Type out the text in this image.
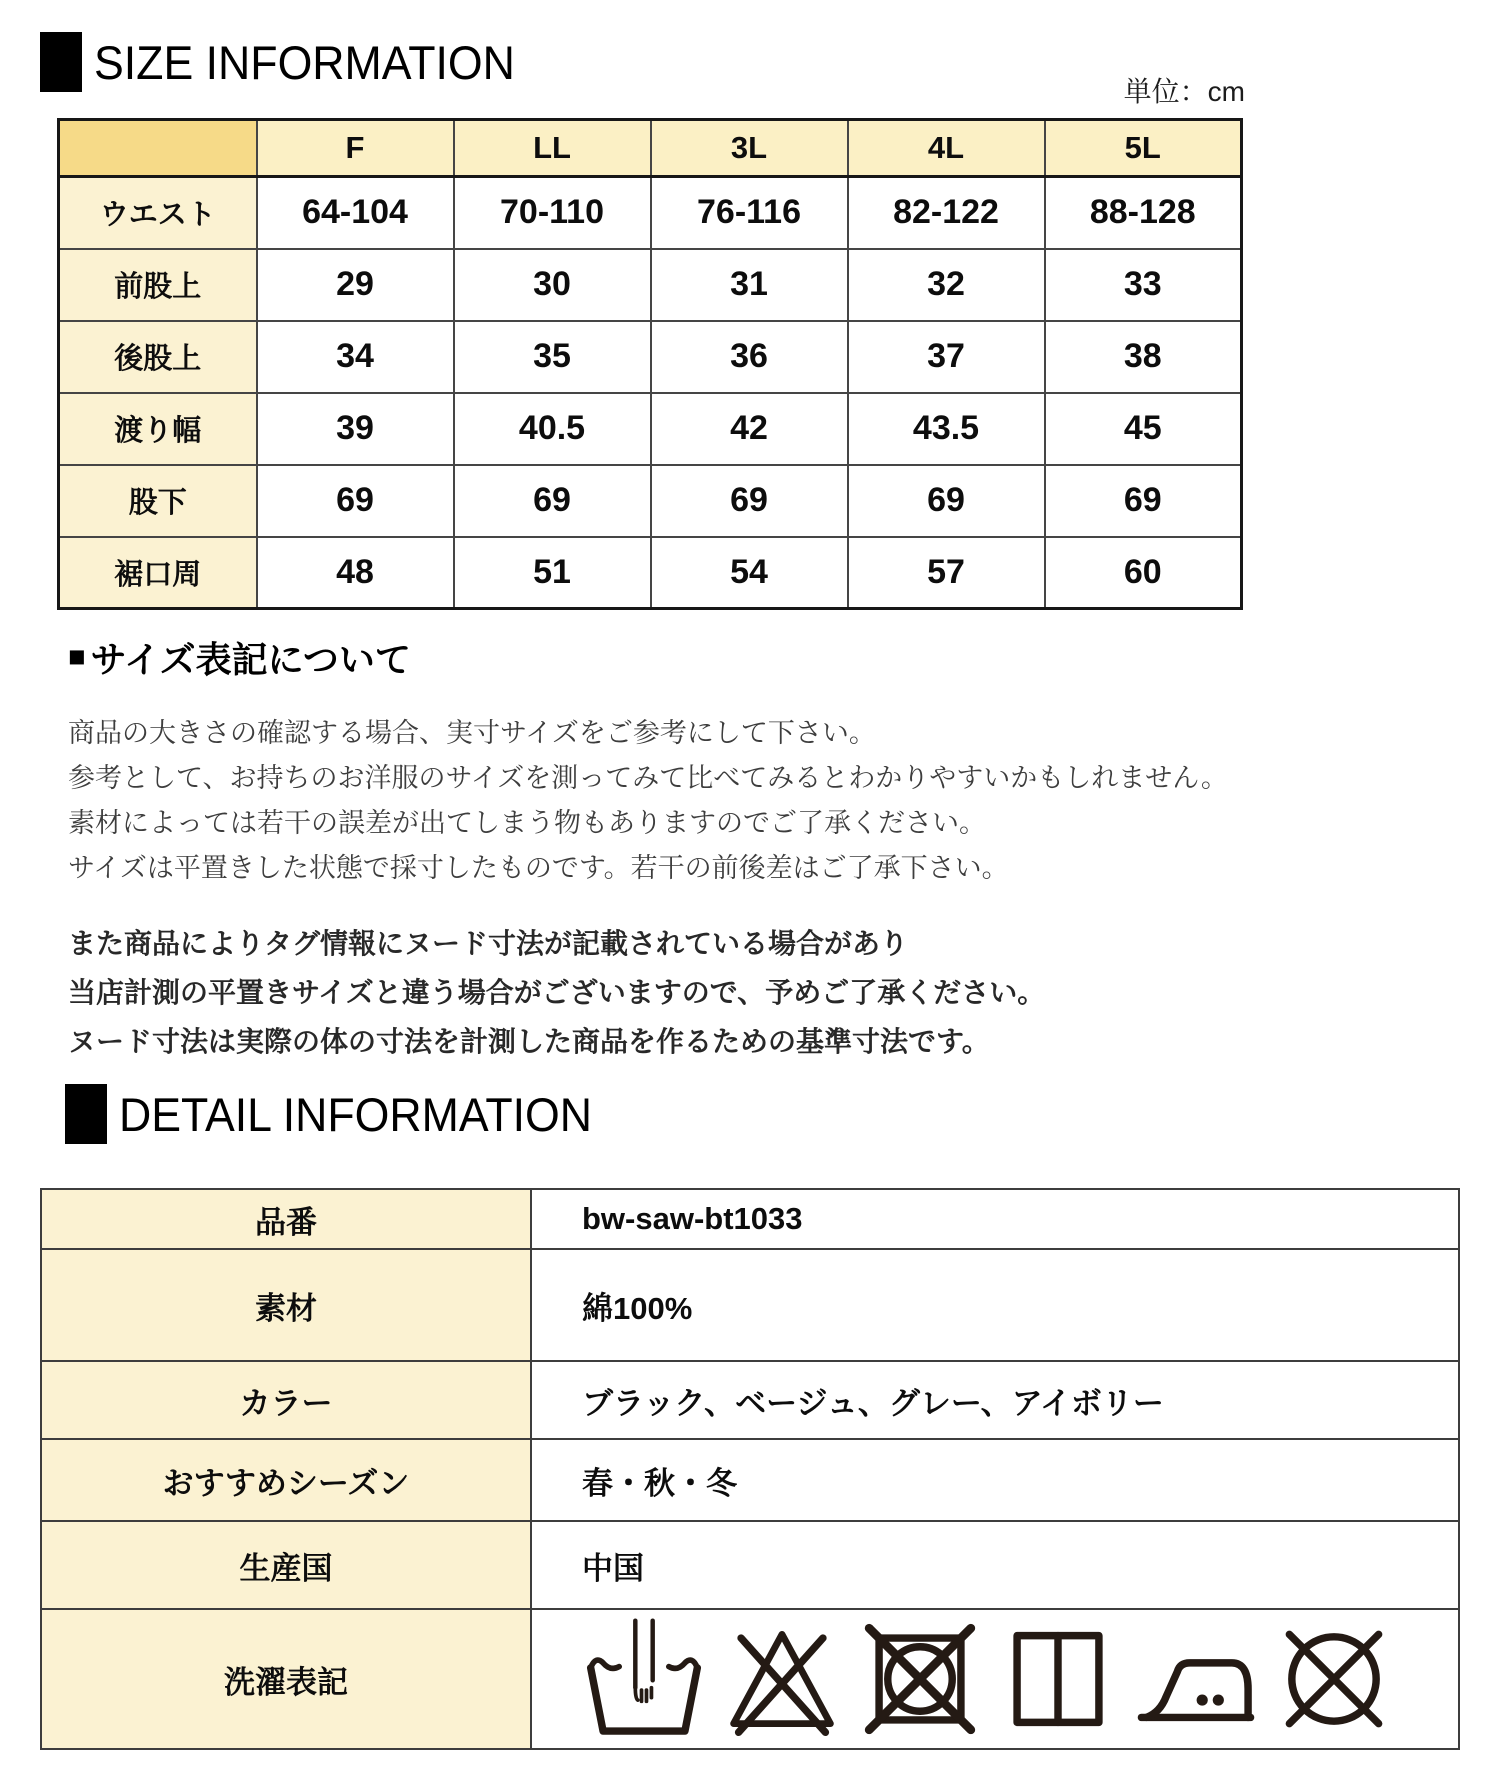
SIZE INFORMATION
単位：cm
	F	LL	3L	4L	5L
ウエスト	64-104	70-110	76-116	82-122	88-128
前股上	29	30	31	32	33
後股上	34	35	36	37	38
渡り幅	39	40.5	42	43.5	45
股下	69	69	69	69	69
裾口周	48	51	54	57	60
■ サイズ表記について
商品の大きさの確認する場合、実寸サイズをご参考にして下さい。
参考として、お持ちのお洋服のサイズを測ってみて比べてみるとわかりやすいかもしれません。
素材によっては若干の誤差が出てしまう物もありますのでご了承ください。
サイズは平置きした状態で採寸したものです。若干の前後差はご了承下さい。
また商品によりタグ情報にヌード寸法が記載されている場合があり
当店計測の平置きサイズと違う場合がございますので、予めご了承ください。
ヌード寸法は実際の体の寸法を計測した商品を作るための基準寸法です。
DETAIL INFORMATION
品番	bw-saw-bt1033
素材	綿100%
カラー	ブラック、ベージュ、グレー、アイボリー
おすすめシーズン	春・秋・冬
生産国	中国
洗濯表記	
